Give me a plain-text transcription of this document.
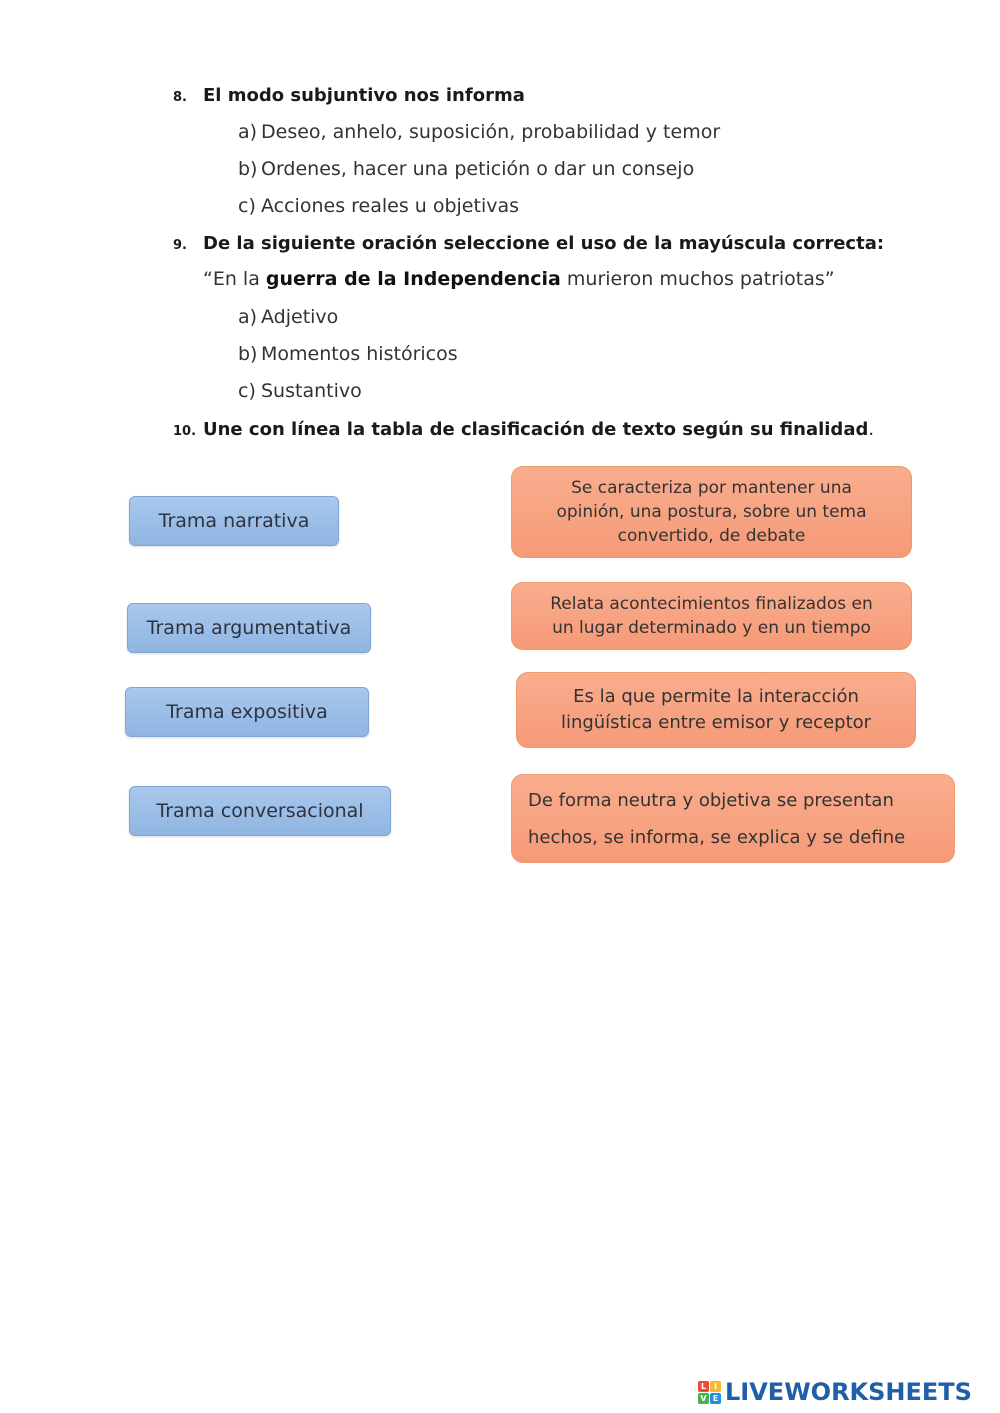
8. El modo subjuntivo nos informa
a) Deseo, anhelo, suposición, probabilidad y temor
b) Ordenes, hacer una petición o dar un consejo
c) Acciones reales u objetivas
9. De la siguiente oración seleccione el uso de la mayúscula correcta:
“En la guerra de la Independencia murieron muchos patriotas”
a) Adjetivo
b) Momentos históricos
c) Sustantivo
10. Une con línea la tabla de clasificación de texto según su finalidad.
Trama narrativa
Trama argumentativa
Trama expositiva
Trama conversacional
Se caracteriza por mantener una
opinión, una postura, sobre un tema
convertido, de debate
Relata acontecimientos finalizados en
un lugar determinado y en un tiempo
Es la que permite la interacción
lingüística entre emisor y receptor
De forma neutra y objetiva se presentan
hechos, se informa, se explica y se define
L I
V E LIVEWORKSHEETS
